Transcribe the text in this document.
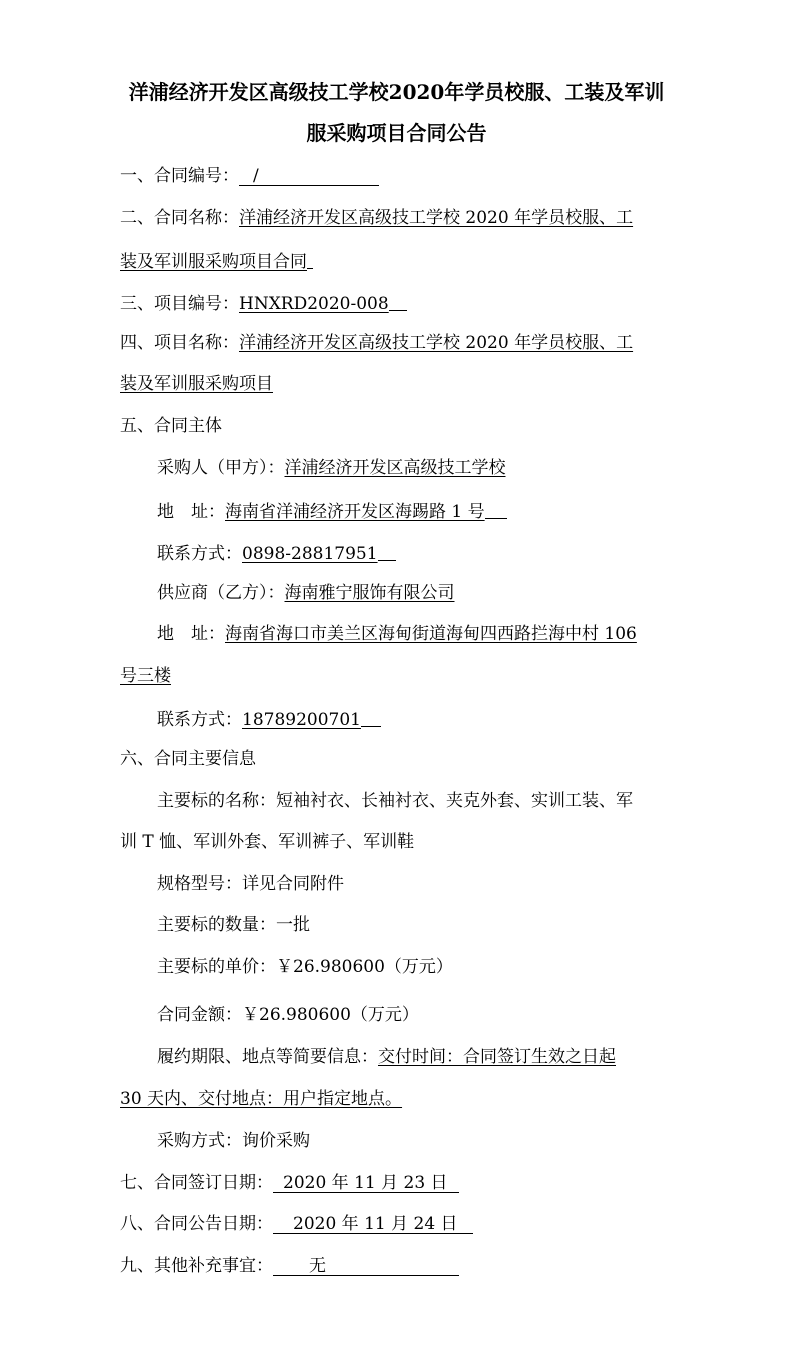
洋浦经济开发区高级技工学校2020年学员校服、工装及军训
服采购项目合同公告
一、合同编号：/
二、合同名称：洋浦经济开发区高级技工学校 2020 年学员校服、工
装及军训服采购项目合同
三、项目编号：HNXRD2020-008
四、项目名称：洋浦经济开发区高级技工学校 2020 年学员校服、工
装及军训服采购项目
五、合同主体
采购人（甲方）：洋浦经济开发区高级技工学校
地　址：海南省洋浦经济开发区海踢路 1 号
联系方式：0898-28817951
供应商（乙方）：海南雅宁服饰有限公司
地　址：海南省海口市美兰区海甸街道海甸四西路拦海中村 106
号三楼
联系方式：18789200701
六、合同主要信息
主要标的名称：短袖衬衣、长袖衬衣、夹克外套、实训工装、军
训 T 恤、军训外套、军训裤子、军训鞋
规格型号：详见合同附件
主要标的数量：一批
主要标的单价：￥26.980600（万元）
合同金额：￥26.980600（万元）
履约期限、地点等简要信息：交付时间：合同签订生效之日起
30 天内、交付地点：用户指定地点。
采购方式：询价采购
七、合同签订日期： 2020 年 11 月 23 日
八、合同公告日期： 2020 年 11 月 24 日
九、其他补充事宜： 无
